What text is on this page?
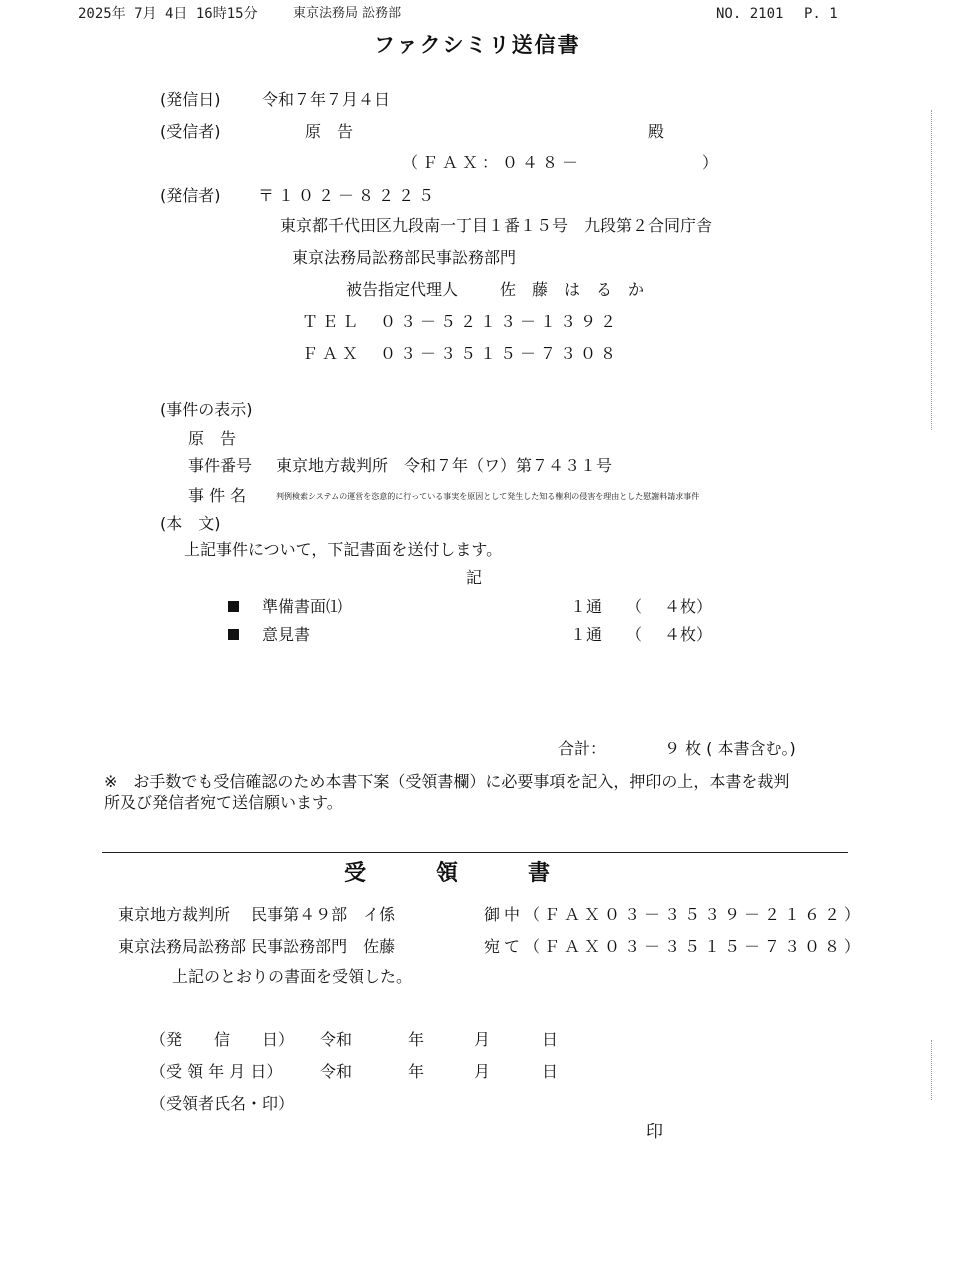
2025年 7月 4日 16時15分	東京法務局 訟務部	NO. 2101 P. 1
ファクシミリ送信書
(発信日)	令和７年７月４日
(受信者)	原　告	殿
（ＦＡＸ：０４８－　　　　　　）
(発信者) 〒１０２－８２２５
東京都千代田区九段南一丁目１番１５号　九段第２合同庁舎
東京法務局訟務部民事訟務部門
被告指定代理人	佐　藤　は　る　か
ＴＥＬ ０３－５２１３－１３９２
ＦＡＸ ０３－３５１５－７３０８
(事件の表示)
原　告
事件番号 東京地方裁判所　令和７年（ワ）第７４３１号
事 件 名	判例検索システムの運営を恣意的に行っている事実を原因として発生した知る権利の侵害を理由とした慰謝料請求事件
(本　文)
上記事件について，下記書面を送付します。
記
準備書面⑴	１通 （ ４枚）
意見書	１通 （ ４枚）
合計：	９ 枚 ( 本書含む。)
※　お手数でも受信確認のため本書下案（受領書欄）に必要事項を記入，押印の上，本書を裁判
所及び発信者宛て送信願います。
受	領	書
東京地方裁判所　 民事第４９部　イ係	御中（ＦＡＸ０３－３５３９－２１６２）
東京法務局訟務部 民事訟務部門　佐藤	宛て（ＦＡＸ０３－３５１５－７３０８）
上記のとおりの書面を受領した。
（発　　信　　日） 令和	年	月	日
（受 領 年 月 日） 令和	年	月	日
（受領者氏名・印）
印
